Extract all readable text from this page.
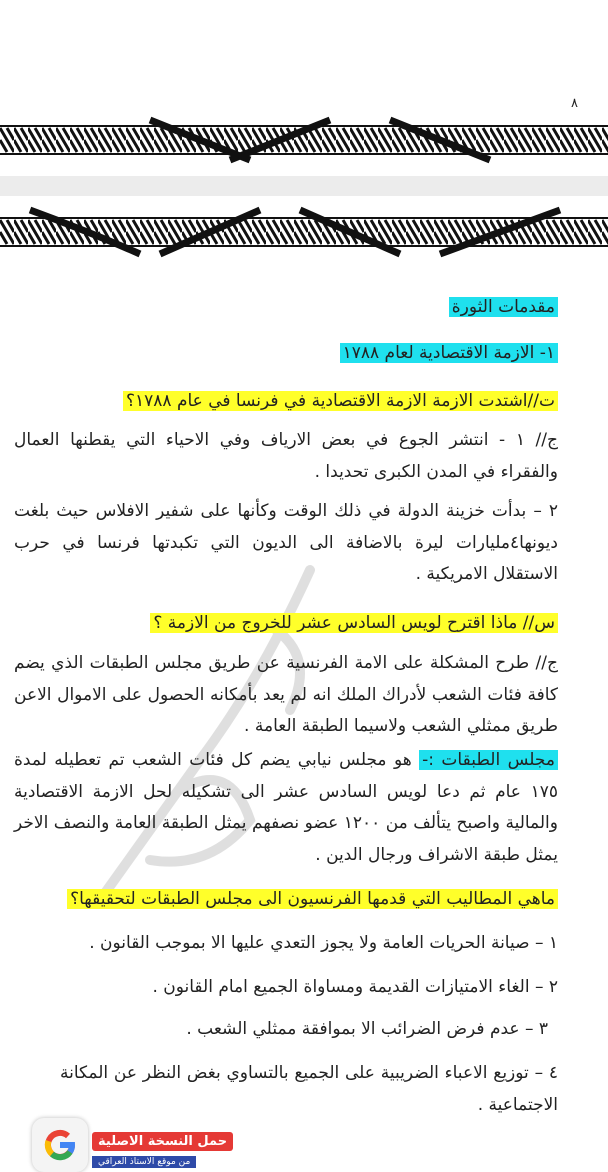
٨
مقدمات الثورة
١- الازمة الاقتصادية لعام ١٧٨٨
ت//اشتدت الازمة الازمة الاقتصادية في فرنسا في عام ١٧٨٨؟
ج// ١ - انتشر الجوع في بعض الارياف وفي الاحياء التي يقطنها العمال والفقراء في المدن الكبرى تحديدا .
٢ – بدأت خزينة الدولة في ذلك الوقت وكأنها على شفير الافلاس حيث بلغت ديونها٤مليارات ليرة بالاضافة الى الديون التي تكبدتها فرنسا في حرب الاستقلال الامريكية .
س// ماذا اقترح لويس السادس عشر للخروج من الازمة ؟
ج// طرح المشكلة على الامة الفرنسية عن طريق مجلس الطبقات الذي يضم كافة فئات الشعب لأدراك الملك انه لم يعد بأمكانه الحصول على الاموال الاعن طريق ممثلي الشعب ولاسيما الطبقة العامة .
مجلس الطبقات :- هو مجلس نيابي يضم كل فئات الشعب تم تعطيله لمدة ١٧٥ عام ثم دعا لويس السادس عشر الى تشكيله لحل الازمة الاقتصادية والمالية واصبح يتألف من ١٢٠٠ عضو نصفهم يمثل الطبقة العامة والنصف الاخر يمثل طبقة الاشراف ورجال الدين .
ماهي المطاليب التي قدمها الفرنسيون الى مجلس الطبقات لتحقيقها؟
١ – صيانة الحريات العامة ولا يجوز التعدي عليها الا بموجب القانون .
٢ – الغاء الامتيازات القديمة ومساواة الجميع امام القانون .
٣ – عدم فرض الضرائب الا بموافقة ممثلي الشعب .
٤ – توزيع الاعباء الضريبية على الجميع بالتساوي بغض النظر عن المكانة الاجتماعية .
حمل النسخة الاصلية
من موقع الاستاذ العراقي
